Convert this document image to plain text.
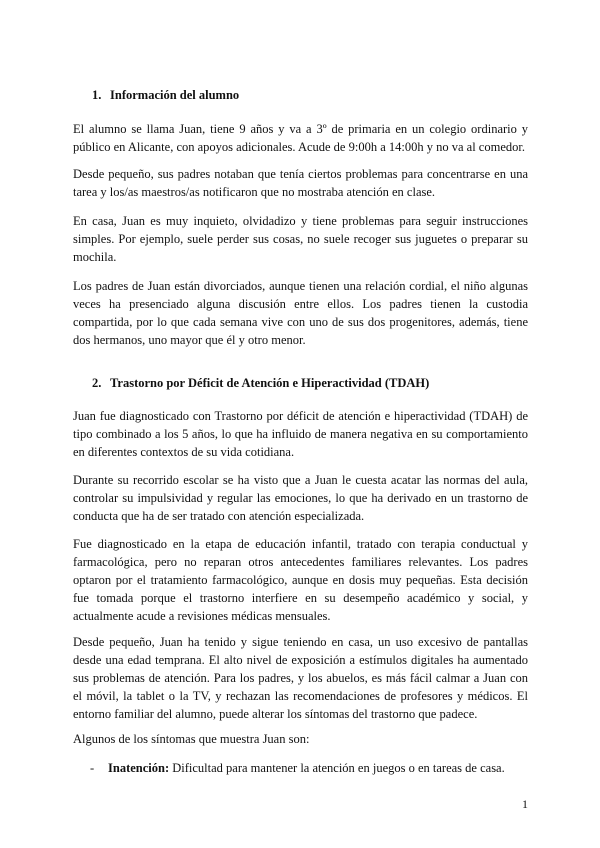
1. Información del alumno

El alumno se llama Juan, tiene 9 años y va a 3º de primaria en un colegio ordinario y público en Alicante, con apoyos adicionales. Acude de 9:00h a 14:00h y no va al comedor.

Desde pequeño, sus padres notaban que tenía ciertos problemas para concentrarse en una tarea y los/as maestros/as notificaron que no mostraba atención en clase.

En casa, Juan es muy inquieto, olvidadizo y tiene problemas para seguir instrucciones simples. Por ejemplo, suele perder sus cosas, no suele recoger sus juguetes o preparar su mochila.

Los padres de Juan están divorciados, aunque tienen una relación cordial, el niño algunas veces ha presenciado alguna discusión entre ellos. Los padres tienen la custodia compartida, por lo que cada semana vive con uno de sus dos progenitores, además, tiene dos hermanos, uno mayor que él y otro menor.

2. Trastorno por Déficit de Atención e Hiperactividad (TDAH)

Juan fue diagnosticado con Trastorno por déficit de atención e hiperactividad (TDAH) de tipo combinado a los 5 años, lo que ha influido de manera negativa en su comportamiento en diferentes contextos de su vida cotidiana.

Durante su recorrido escolar se ha visto que a Juan le cuesta acatar las normas del aula, controlar su impulsividad y regular las emociones, lo que ha derivado en un trastorno de conducta que ha de ser tratado con atención especializada.

Fue diagnosticado en la etapa de educación infantil, tratado con terapia conductual y farmacológica, pero no reparan otros antecedentes familiares relevantes. Los padres optaron por el tratamiento farmacológico, aunque en dosis muy pequeñas. Esta decisión fue tomada porque el trastorno interfiere en su desempeño académico y social, y actualmente acude a revisiones médicas mensuales.

Desde pequeño, Juan ha tenido y sigue teniendo en casa, un uso excesivo de pantallas desde una edad temprana. El alto nivel de exposición a estímulos digitales ha aumentado sus problemas de atención. Para los padres, y los abuelos, es más fácil calmar a Juan con el móvil, la tablet o la TV, y rechazan las recomendaciones de profesores y médicos. El entorno familiar del alumno, puede alterar los síntomas del trastorno que padece.

Algunos de los síntomas que muestra Juan son:

- Inatención: Dificultad para mantener la atención en juegos o en tareas de casa.
1
